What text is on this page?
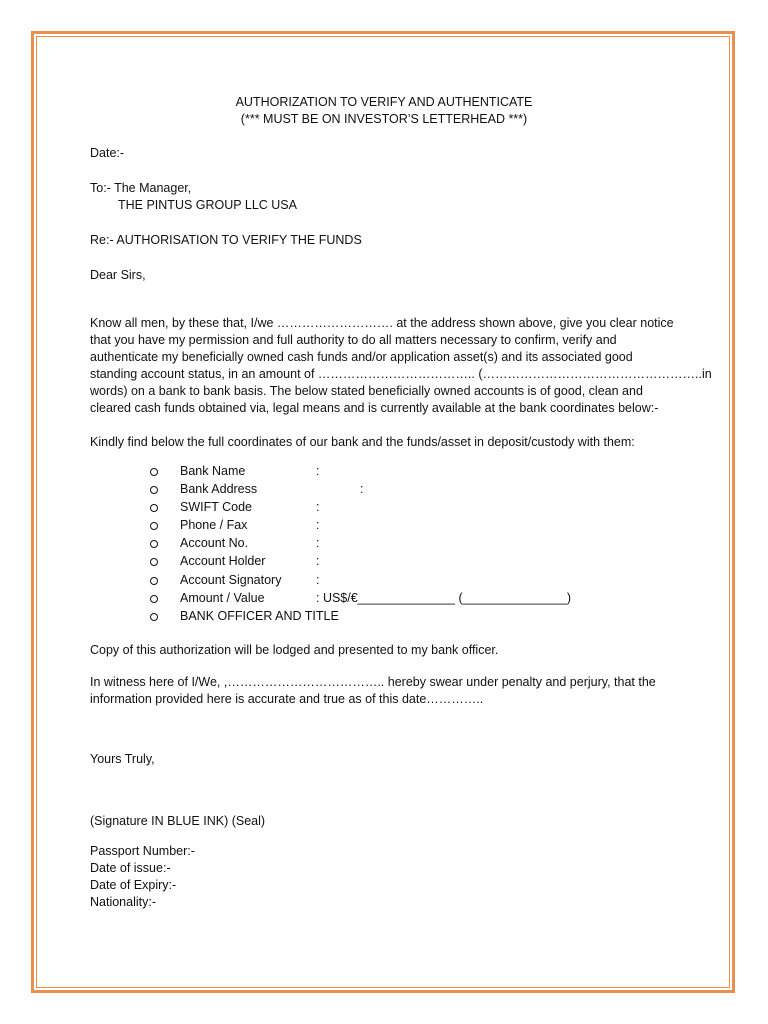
AUTHORIZATION TO VERIFY AND AUTHENTICATE
(*** MUST BE ON INVESTOR’S LETTERHEAD ***)
Date:-
To:- The Manager,
THE PINTUS GROUP LLC USA
Re:- AUTHORISATION TO VERIFY THE FUNDS
Dear Sirs,
Know all men, by these that, I/we ………………………. at the address shown above, give you clear notice
that you have my permission and full authority to do all matters necessary to confirm, verify and
authenticate my beneficially owned cash funds and/or application asset(s) and its associated good
standing account status, in an amount of ……………………………….. (……………………………………………..in
words) on a bank to bank basis. The below stated beneficially owned accounts is of good, clean and
cleared cash funds obtained via, legal means and is currently available at the bank coordinates below:-
Kindly find below the full coordinates of our bank and the funds/asset in deposit/custody with them:
Bank Name	:
Bank Address	:
SWIFT Code	:
Phone / Fax	:
Account No.	:
Account Holder	:
Account Signatory	:
Amount / Value	: US$/€______________ (_______________)
BANK OFFICER AND TITLE
Copy of this authorization will be lodged and presented to my bank officer.
In witness here of I/We, ,……………………………….. hereby swear under penalty and perjury, that the
information provided here is accurate and true as of this date…………..
Yours Truly,
(Signature IN BLUE INK) (Seal)
Passport Number:-
Date of issue:-
Date of Expiry:-
Nationality:-
